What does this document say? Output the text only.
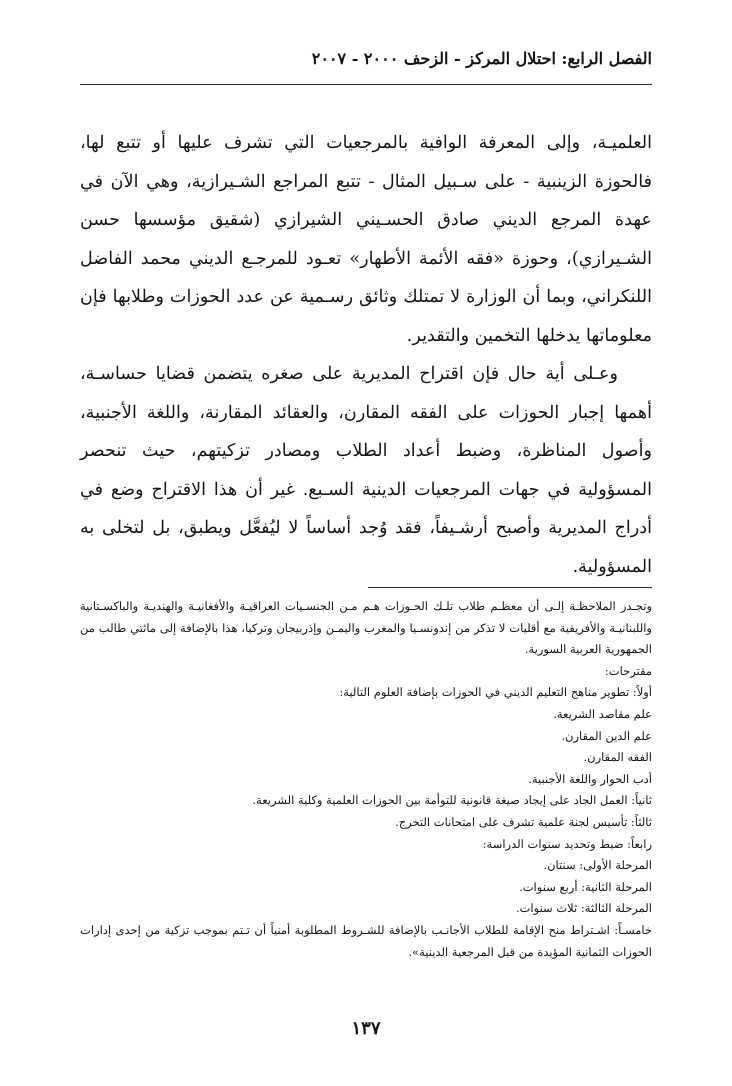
الفصل الرابع: احتلال المركز - الزحف ٢٠٠٠ - ٢٠٠٧

العلميـة، وإلى المعرفة الوافية بالمرجعيات التي تشرف عليها أو تتبع لها، فالحوزة الزينبية - على سـبيل المثال - تتبع المراجع الشـيرازية، وهي الآن في عهدة المرجع الديني صادق الحسـيني الشيرازي (شقيق مؤسسها حسن الشـيرازي)، وحوزة «فقه الأئمة الأطهار» تعـود للمرجـع الديني محمد الفاضل اللنكراني، وبما أن الوزارة لا تمتلك وثائق رسـمية عن عدد الحوزات وطلابها فإن معلوماتها يدخلها التخمين والتقدير.

وعـلى أية حال فإن اقتراح المديرية على صغره يتضمن قضايا حساسـة، أهمها إجبار الحوزات على الفقه المقارن، والعقائد المقارنة، واللغة الأجنبية، وأصول المناظرة، وضبط أعداد الطلاب ومصادر تزكيتهم، حيث تنحصر المسؤولية في جهات المرجعيات الدينية السـبع. غير أن هذا الاقتراح وضع في أدراج المديرية وأصبح أرشـيفاً، فقد وُجد أساساً لا ليُفعَّل ويطبق، بل لتخلى به المسؤولية.

وتجـدر الملاحظـة إلـى أن معظـم طلاب تلـك الحـوزات هـم مـن الجنسـيات العراقيـة والأفغانيـة والهنديـة والباكسـتانية واللبنانيـة والأفريقية مع أقليات لا تذكر من إندونسـيا والمغرب واليمـن وإذربيجان وتركيا، هذا بالإضافة إلى مائتي طالب من الجمهورية العربية السورية.
مقترحات:
أولاً: تطوير مناهج التعليم الديني في الحوزات بإضافة العلوم التالية:
علم مقاصد الشريعة.
علم الدين المقارن.
الفقه المقارن.
أدب الحوار واللغة الأجنبية.
ثانياً: العمل الجاد على إيجاد صيغة قانونية للتوأمة بين الحوزات العلمية وكلية الشريعة.
ثالثاً: تأسيس لجنة علمية تشرف على امتحانات التخرج.
رابعاً: ضبط وتحديد سنوات الدراسة:
المرحلة الأولى: سنتان.
المرحلة الثانية: أربع سنوات.
المرحلة الثالثة: ثلاث سنوات.
خامسـاً: اشـتراط منح الإقامة للطلاب الأجانـب بالإضافة للشـروط المطلوبة أمنياً أن تـتم بموجب تزكية من إحدى إدارات الحوزات الثمانية المؤيدة من قبل المرجعية الدينية».
١٣٧
